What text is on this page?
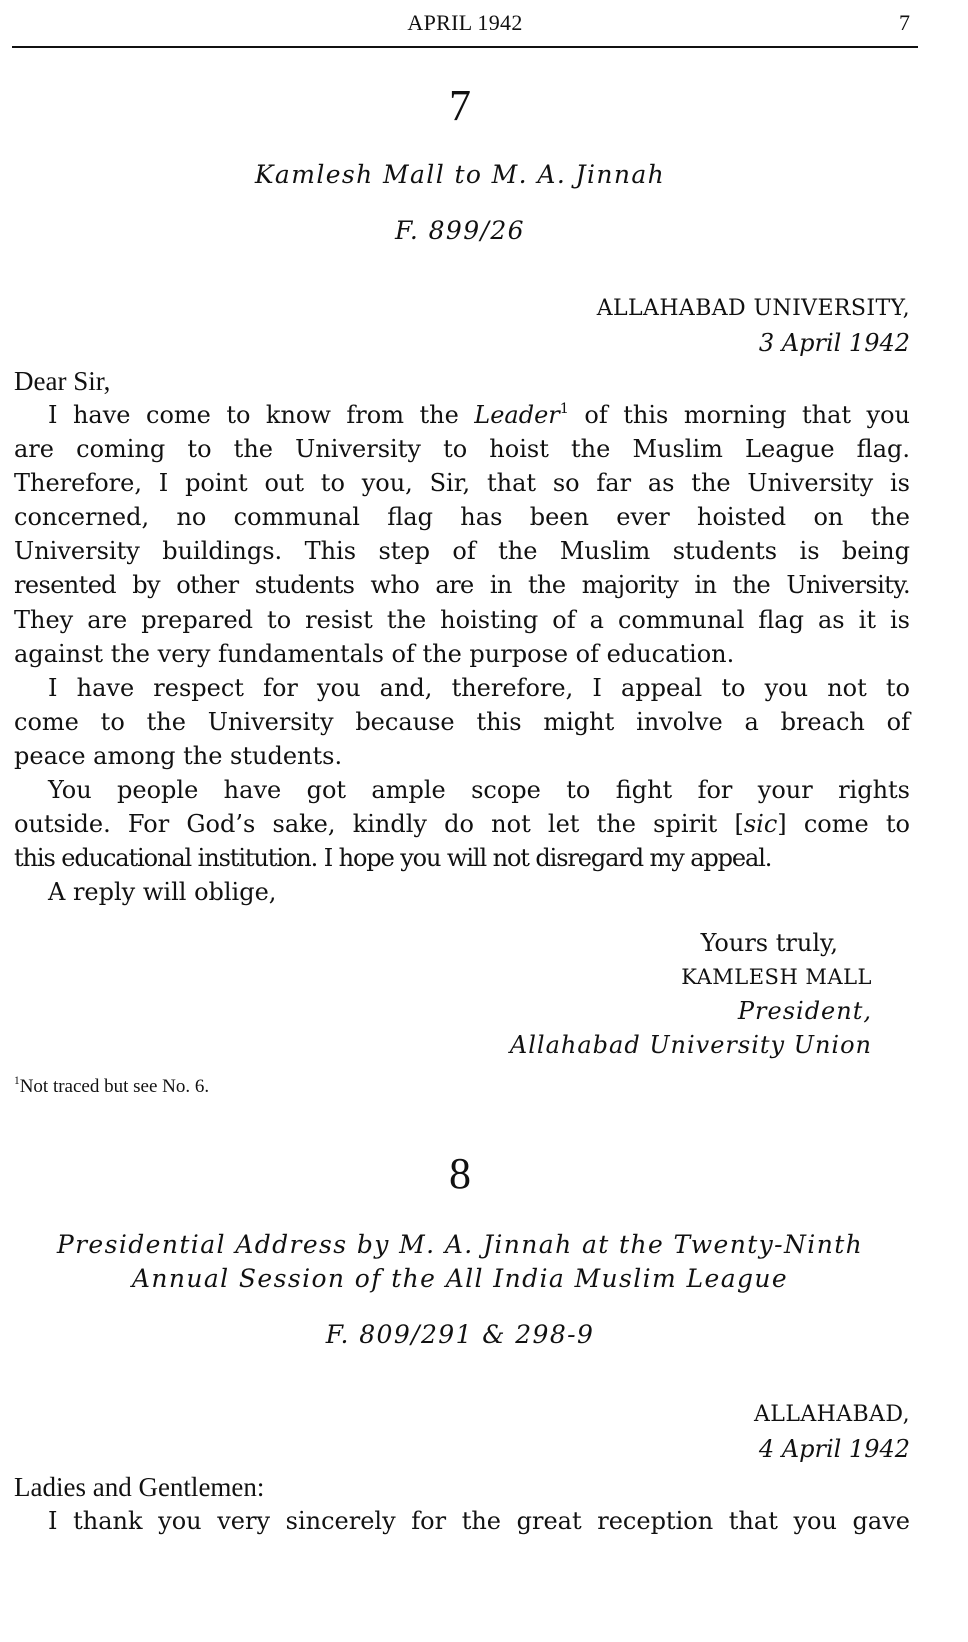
APRIL 1942	7
7
Kamlesh Mall to M. A. Jinnah
F. 899/26
ALLAHABAD UNIVERSITY,
3 April 1942
Dear Sir,
I have come to know from the Leader$^1$ of this morning that you
are coming to the University to hoist the Muslim League flag.
Therefore, I point out to you, Sir, that so far as the University is
concerned, no communal flag has been ever hoisted on the
University buildings. This step of the Muslim students is being
resented by other students who are in the majority in the University.
They are prepared to resist the hoisting of a communal flag as it is
against the very fundamentals of the purpose of education.
I have respect for you and, therefore, I appeal to you not to
come to the University because this might involve a breach of
peace among the students.
You people have got ample scope to fight for your rights
outside. For God’s sake, kindly do not let the spirit [sic] come to
this educational institution. I hope you will not disregard my appeal.
A reply will oblige,
Yours truly,
KAMLESH MALL
President,
Allahabad University Union
$^1$Not traced but see No. 6.
8
Presidential Address by M. A. Jinnah at the Twenty-Ninth
Annual Session of the All India Muslim League
F. 809/291 & 298-9
ALLAHABAD,
4 April 1942
Ladies and Gentlemen:
I thank you very sincerely for the great reception that you gave
